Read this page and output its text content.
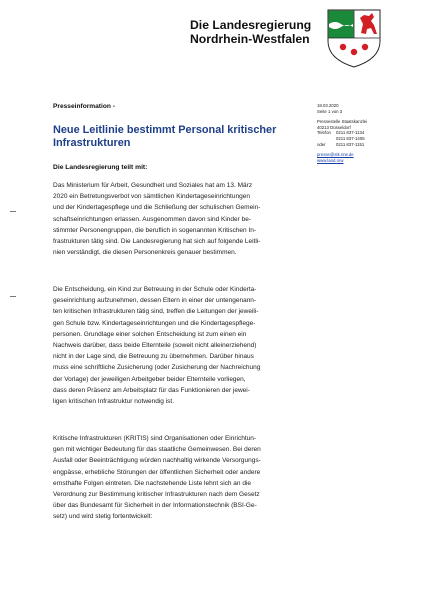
Die Landesregierung
Nordrhein-Westfalen
18.03.2020
Seite 1 von 3
Pressestelle Staatskanzlei
40213 Düsseldorf
Telefon	0211 837-1134
0211 837-1405
oder	0211 837-1151
presse@stk.nrw.de
www.land.nrw
Presseinformation -
Neue Leitlinie bestimmt Personal kritischer
Infrastrukturen
Die Landesregierung teilt mit:
Das Ministerium für Arbeit, Gesundheit und Soziales hat am 13. März
2020 ein Betretungsverbot von sämtlichen Kindertageseinrichtungen
und der Kindertagespflege und die Schließung der schulischen Gemein-
schaftseinrichtungen erlassen. Ausgenommen davon sind Kinder be-
stimmter Personengruppen, die beruflich in sogenannten Kritischen In-
frastrukturen tätig sind. Die Landesregierung hat sich auf folgende Leitli-
nien verständigt, die diesen Personenkreis genauer bestimmen.
Die Entscheidung, ein Kind zur Betreuung in der Schule oder Kinderta-
geseinrichtung aufzunehmen, dessen Eltern in einer der untengenann-
ten kritischen Infrastrukturen tätig sind, treffen die Leitungen der jeweili-
gen Schule bzw. Kindertageseinrichtungen und die Kindertagespflege-
personen. Grundlage einer solchen Entscheidung ist zum einen ein
Nachweis darüber, dass beide Elternteile (soweit nicht alleinerziehend)
nicht in der Lage sind, die Betreuung zu übernehmen. Darüber hinaus
muss eine schriftliche Zusicherung (oder Zusicherung der Nachreichung
der Vorlage) der jeweiligen Arbeitgeber beider Elternteile vorliegen,
dass deren Präsenz am Arbeitsplatz für das Funktionieren der jewei-
ligen kritischen Infrastruktur notwendig ist.
Kritische Infrastrukturen (KRITIS) sind Organisationen oder Einrichtun-
gen mit wichtiger Bedeutung für das staatliche Gemeinwesen. Bei deren
Ausfall oder Beeinträchtigung würden nachhaltig wirkende Versorgungs-
engpässe, erhebliche Störungen der öffentlichen Sicherheit oder andere
ernsthafte Folgen eintreten. Die nachstehende Liste lehnt sich an die
Verordnung zur Bestimmung kritischer Infrastrukturen nach dem Gesetz
über das Bundesamt für Sicherheit in der Informationstechnik (BSI-Ge-
setz) und wird stetig fortentwickelt:
